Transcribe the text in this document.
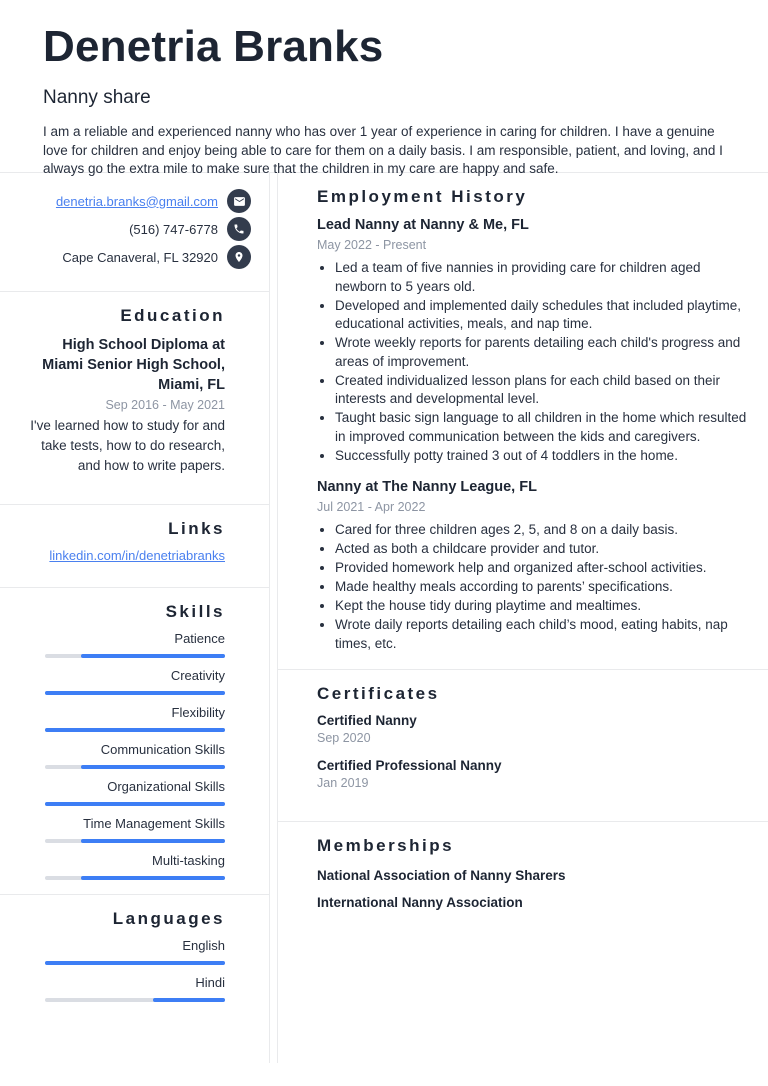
Denetria Branks
Nanny share

I am a reliable and experienced nanny who has over 1 year of experience in caring for children. I have a genuine love for children and enjoy being able to care for them on a daily basis. I am responsible, patient, and loving, and I always go the extra mile to make sure that the children in my care are happy and safe.

denetria.branks@gmail.com
(516) 747-6778
Cape Canaveral, FL 32920
Education
High School Diploma at Miami Senior High School, Miami, FL
Sep 2016 - May 2021
I've learned how to study for and take tests, how to do research, and how to write papers.
Links
linkedin.com/in/denetriabranks
Skills
Patience
Creativity
Flexibility
Communication Skills
Organizational Skills
Time Management Skills
Multi-tasking
Languages
English
Hindi
Employment History
Lead Nanny at Nanny & Me, FL
May 2022 - Present
• Led a team of five nannies in providing care for children aged newborn to 5 years old.
• Developed and implemented daily schedules that included playtime, educational activities, meals, and nap time.
• Wrote weekly reports for parents detailing each child's progress and areas of improvement.
• Created individualized lesson plans for each child based on their interests and developmental level.
• Taught basic sign language to all children in the home which resulted in improved communication between the kids and caregivers.
• Successfully potty trained 3 out of 4 toddlers in the home.
Nanny at The Nanny League, FL
Jul 2021 - Apr 2022
• Cared for three children ages 2, 5, and 8 on a daily basis.
• Acted as both a childcare provider and tutor.
• Provided homework help and organized after-school activities.
• Made healthy meals according to parents’ specifications.
• Kept the house tidy during playtime and mealtimes.
• Wrote daily reports detailing each child’s mood, eating habits, nap times, etc.
Certificates
Certified Nanny
Sep 2020
Certified Professional Nanny
Jan 2019
Memberships
National Association of Nanny Sharers
International Nanny Association
